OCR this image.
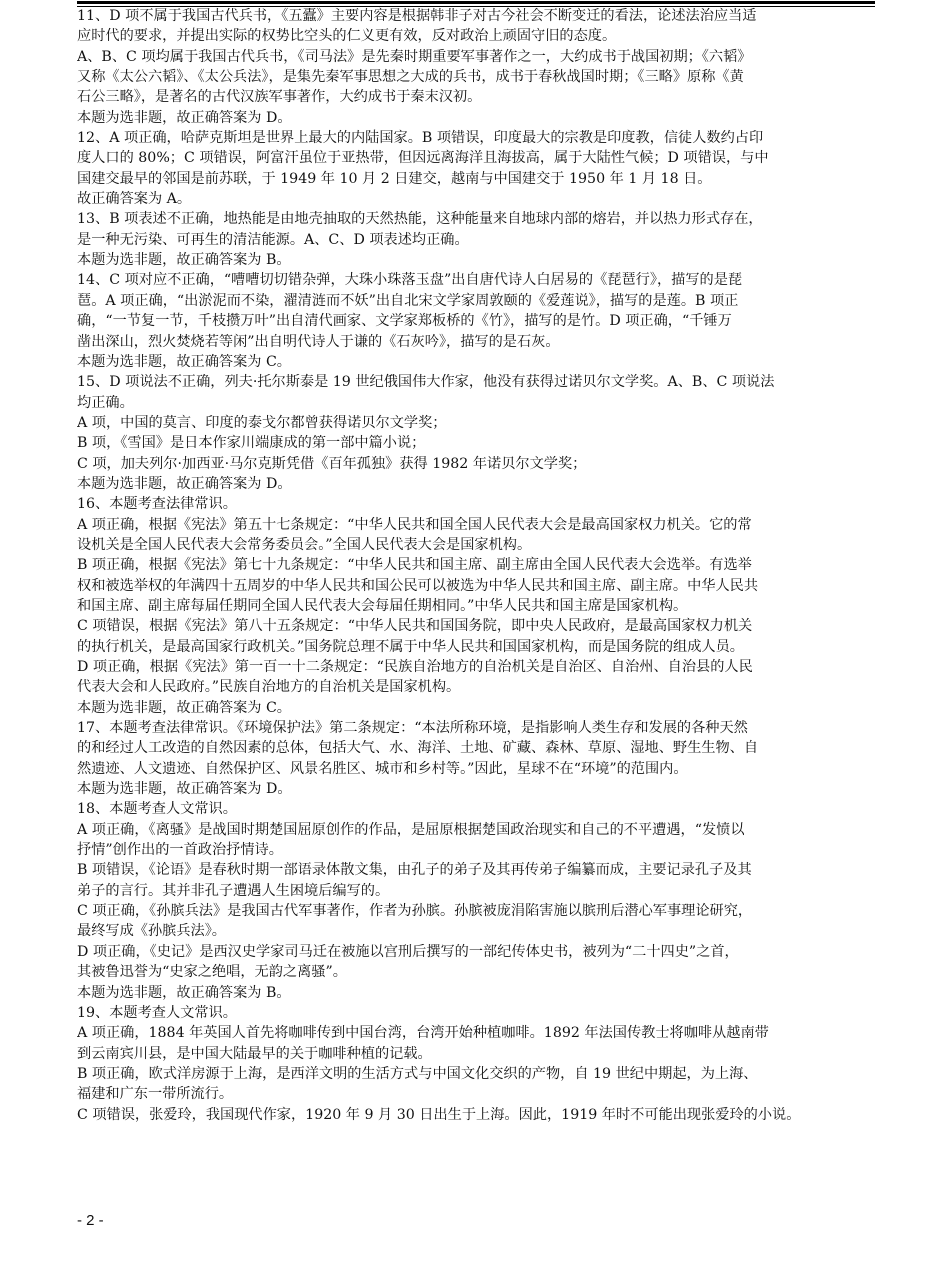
11、D 项不属于我国古代兵书，《五蠹》主要内容是根据韩非子对古今社会不断变迁的看法，论述法治应当适
应时代的要求，并提出实际的权势比空头的仁义更有效，反对政治上顽固守旧的态度。
A、B、C 项均属于我国古代兵书，《司马法》是先秦时期重要军事著作之一，大约成书于战国初期；《六韬》
又称《太公六韬》、《太公兵法》，是集先秦军事思想之大成的兵书，成书于春秋战国时期；《三略》原称《黄
石公三略》，是著名的古代汉族军事著作，大约成书于秦末汉初。
本题为选非题，故正确答案为 D。
12、A 项正确，哈萨克斯坦是世界上最大的内陆国家。B 项错误，印度最大的宗教是印度教，信徒人数约占印
度人口的 80%；C 项错误，阿富汗虽位于亚热带，但因远离海洋且海拔高，属于大陆性气候；D 项错误，与中
国建交最早的邻国是前苏联，于 1949 年 10 月 2 日建交，越南与中国建交于 1950 年 1 月 18 日。
故正确答案为 A。
13、B 项表述不正确，地热能是由地壳抽取的天然热能，这种能量来自地球内部的熔岩，并以热力形式存在，
是一种无污染、可再生的清洁能源。A、C、D 项表述均正确。
本题为选非题，故正确答案为 B。
14、C 项对应不正确，“嘈嘈切切错杂弹，大珠小珠落玉盘”出自唐代诗人白居易的《琵琶行》，描写的是琵
琶。A 项正确，“出淤泥而不染，濯清涟而不妖”出自北宋文学家周敦颐的《爱莲说》，描写的是莲。B 项正
确，“一节复一节，千枝攒万叶”出自清代画家、文学家郑板桥的《竹》，描写的是竹。D 项正确，“千锤万
凿出深山，烈火焚烧若等闲”出自明代诗人于谦的《石灰吟》，描写的是石灰。
本题为选非题，故正确答案为 C。
15、D 项说法不正确，列夫·托尔斯泰是 19 世纪俄国伟大作家，他没有获得过诺贝尔文学奖。A、B、C 项说法
均正确。
A 项，中国的莫言、印度的泰戈尔都曾获得诺贝尔文学奖；
B 项，《雪国》是日本作家川端康成的第一部中篇小说；
C 项，加夫列尔·加西亚·马尔克斯凭借《百年孤独》获得 1982 年诺贝尔文学奖；
本题为选非题，故正确答案为 D。
16、本题考查法律常识。
A 项正确，根据《宪法》第五十七条规定：“中华人民共和国全国人民代表大会是最高国家权力机关。它的常
设机关是全国人民代表大会常务委员会。”全国人民代表大会是国家机构。
B 项正确，根据《宪法》第七十九条规定：“中华人民共和国主席、副主席由全国人民代表大会选举。有选举
权和被选举权的年满四十五周岁的中华人民共和国公民可以被选为中华人民共和国主席、副主席。中华人民共
和国主席、副主席每届任期同全国人民代表大会每届任期相同。”中华人民共和国主席是国家机构。
C 项错误，根据《宪法》第八十五条规定：“中华人民共和国国务院，即中央人民政府，是最高国家权力机关
的执行机关，是最高国家行政机关。”国务院总理不属于中华人民共和国国家机构，而是国务院的组成人员。
D 项正确，根据《宪法》第一百一十二条规定：“民族自治地方的自治机关是自治区、自治州、自治县的人民
代表大会和人民政府。”民族自治地方的自治机关是国家机构。
本题为选非题，故正确答案为 C。
17、本题考查法律常识。《环境保护法》第二条规定：“本法所称环境，是指影响人类生存和发展的各种天然
的和经过人工改造的自然因素的总体，包括大气、水、海洋、土地、矿藏、森林、草原、湿地、野生生物、自
然遗迹、人文遗迹、自然保护区、风景名胜区、城市和乡村等。”因此，星球不在“环境”的范围内。
本题为选非题，故正确答案为 D。
18、本题考查人文常识。
A 项正确，《离骚》是战国时期楚国屈原创作的作品，是屈原根据楚国政治现实和自己的不平遭遇，“发愤以
抒情”创作出的一首政治抒情诗。
B 项错误，《论语》是春秋时期一部语录体散文集，由孔子的弟子及其再传弟子编纂而成，主要记录孔子及其
弟子的言行。其并非孔子遭遇人生困境后编写的。
C 项正确，《孙膑兵法》是我国古代军事著作，作者为孙膑。孙膑被庞涓陷害施以膑刑后潜心军事理论研究，
最终写成《孙膑兵法》。
D 项正确，《史记》是西汉史学家司马迁在被施以宫刑后撰写的一部纪传体史书，被列为“二十四史”之首，
其被鲁迅誉为“史家之绝唱，无韵之离骚”。
本题为选非题，故正确答案为 B。
19、本题考查人文常识。
A 项正确，1884 年英国人首先将咖啡传到中国台湾，台湾开始种植咖啡。1892 年法国传教士将咖啡从越南带
到云南宾川县，是中国大陆最早的关于咖啡种植的记载。
B 项正确，欧式洋房源于上海，是西洋文明的生活方式与中国文化交织的产物，自 19 世纪中期起，为上海、
福建和广东一带所流行。
C 项错误，张爱玲，我国现代作家，1920 年 9 月 30 日出生于上海。因此，1919 年时不可能出现张爱玲的小说。
- 2 -
